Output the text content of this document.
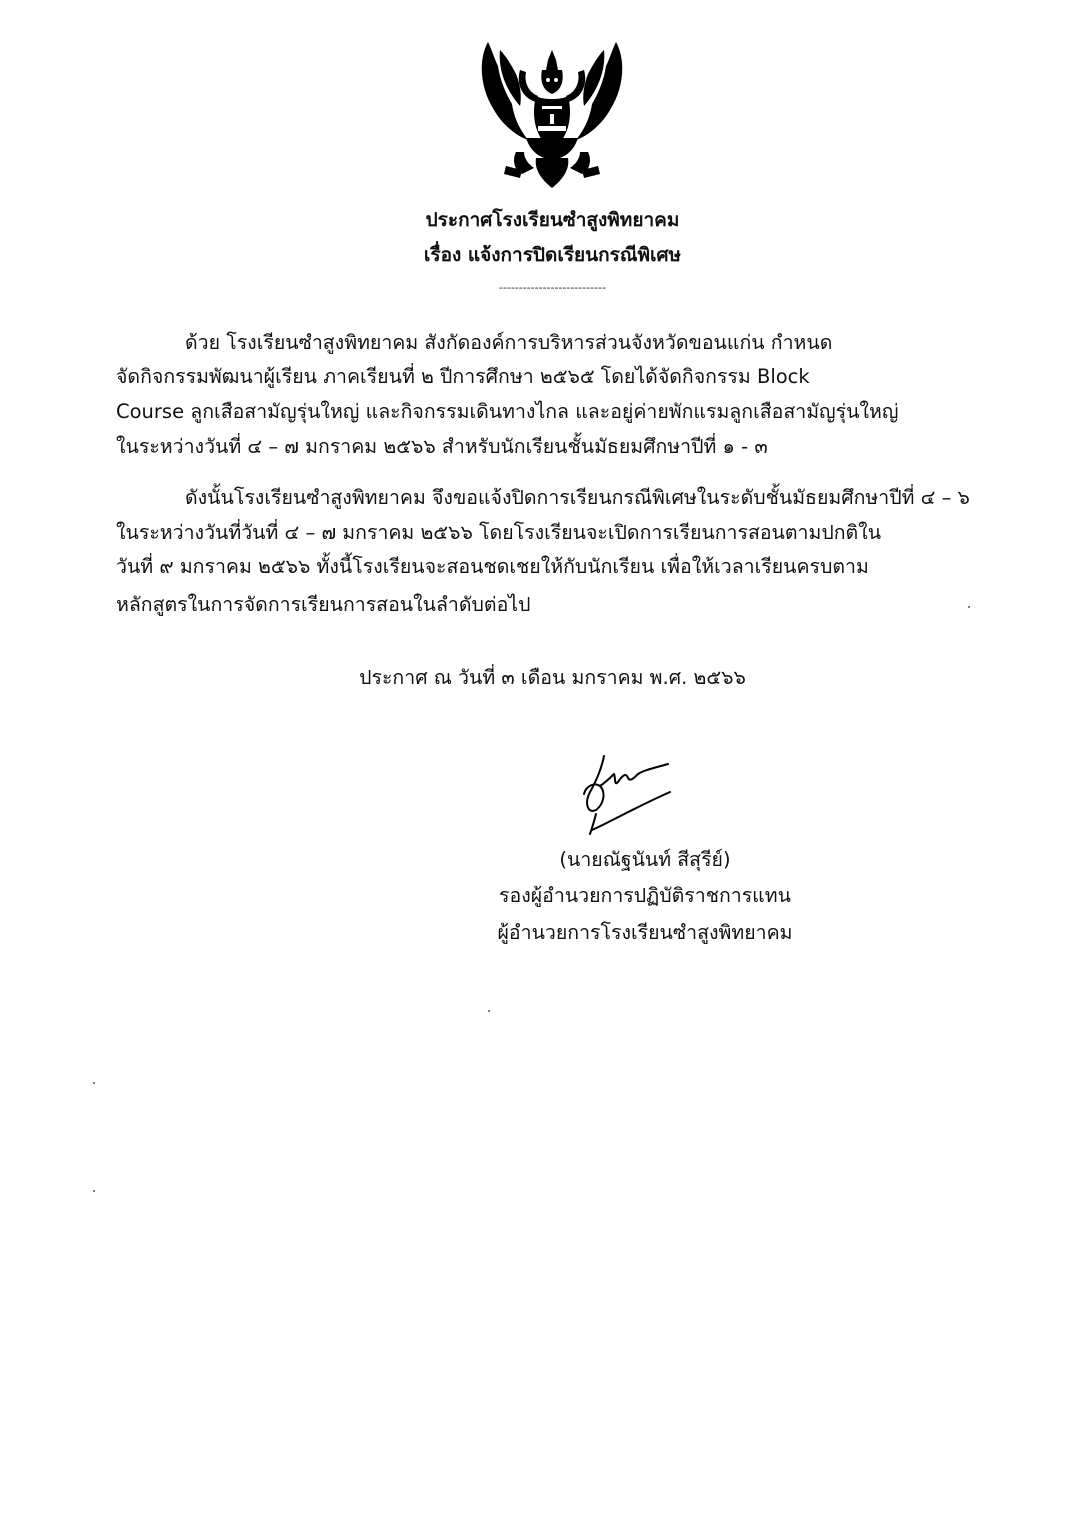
ประกาศโรงเรียนซำสูงพิทยาคม
เรื่อง แจ้งการปิดเรียนกรณีพิเศษ
---------------------------
ด้วย โรงเรียนซำสูงพิทยาคม สังกัดองค์การบริหารส่วนจังหวัดขอนแก่น กำหนด
จัดกิจกรรมพัฒนาผู้เรียน ภาคเรียนที่ ๒ ปีการศึกษา ๒๕๖๕ โดยได้จัดกิจกรรม Block
Course ลูกเสือสามัญรุ่นใหญ่ และกิจกรรมเดินทางไกล และอยู่ค่ายพักแรมลูกเสือสามัญรุ่นใหญ่
ในระหว่างวันที่ ๔ – ๗ มกราคม ๒๕๖๖ สำหรับนักเรียนชั้นมัธยมศึกษาปีที่ ๑ - ๓
ดังนั้นโรงเรียนซำสูงพิทยาคม จึงขอแจ้งปิดการเรียนกรณีพิเศษในระดับชั้นมัธยมศึกษาปีที่ ๔ – ๖
ในระหว่างวันที่วันที่ ๔ – ๗ มกราคม ๒๕๖๖ โดยโรงเรียนจะเปิดการเรียนการสอนตามปกติใน
วันที่ ๙ มกราคม ๒๕๖๖ ทั้งนี้โรงเรียนจะสอนชดเชยให้กับนักเรียน เพื่อให้เวลาเรียนครบตาม
หลักสูตรในการจัดการเรียนการสอนในลำดับต่อไป
ประกาศ ณ วันที่ ๓ เดือน มกราคม พ.ศ. ๒๕๖๖
(นายณัฐนันท์ สีสุรีย์)
รองผู้อำนวยการปฏิบัติราชการแทน
ผู้อำนวยการโรงเรียนซำสูงพิทยาคม
